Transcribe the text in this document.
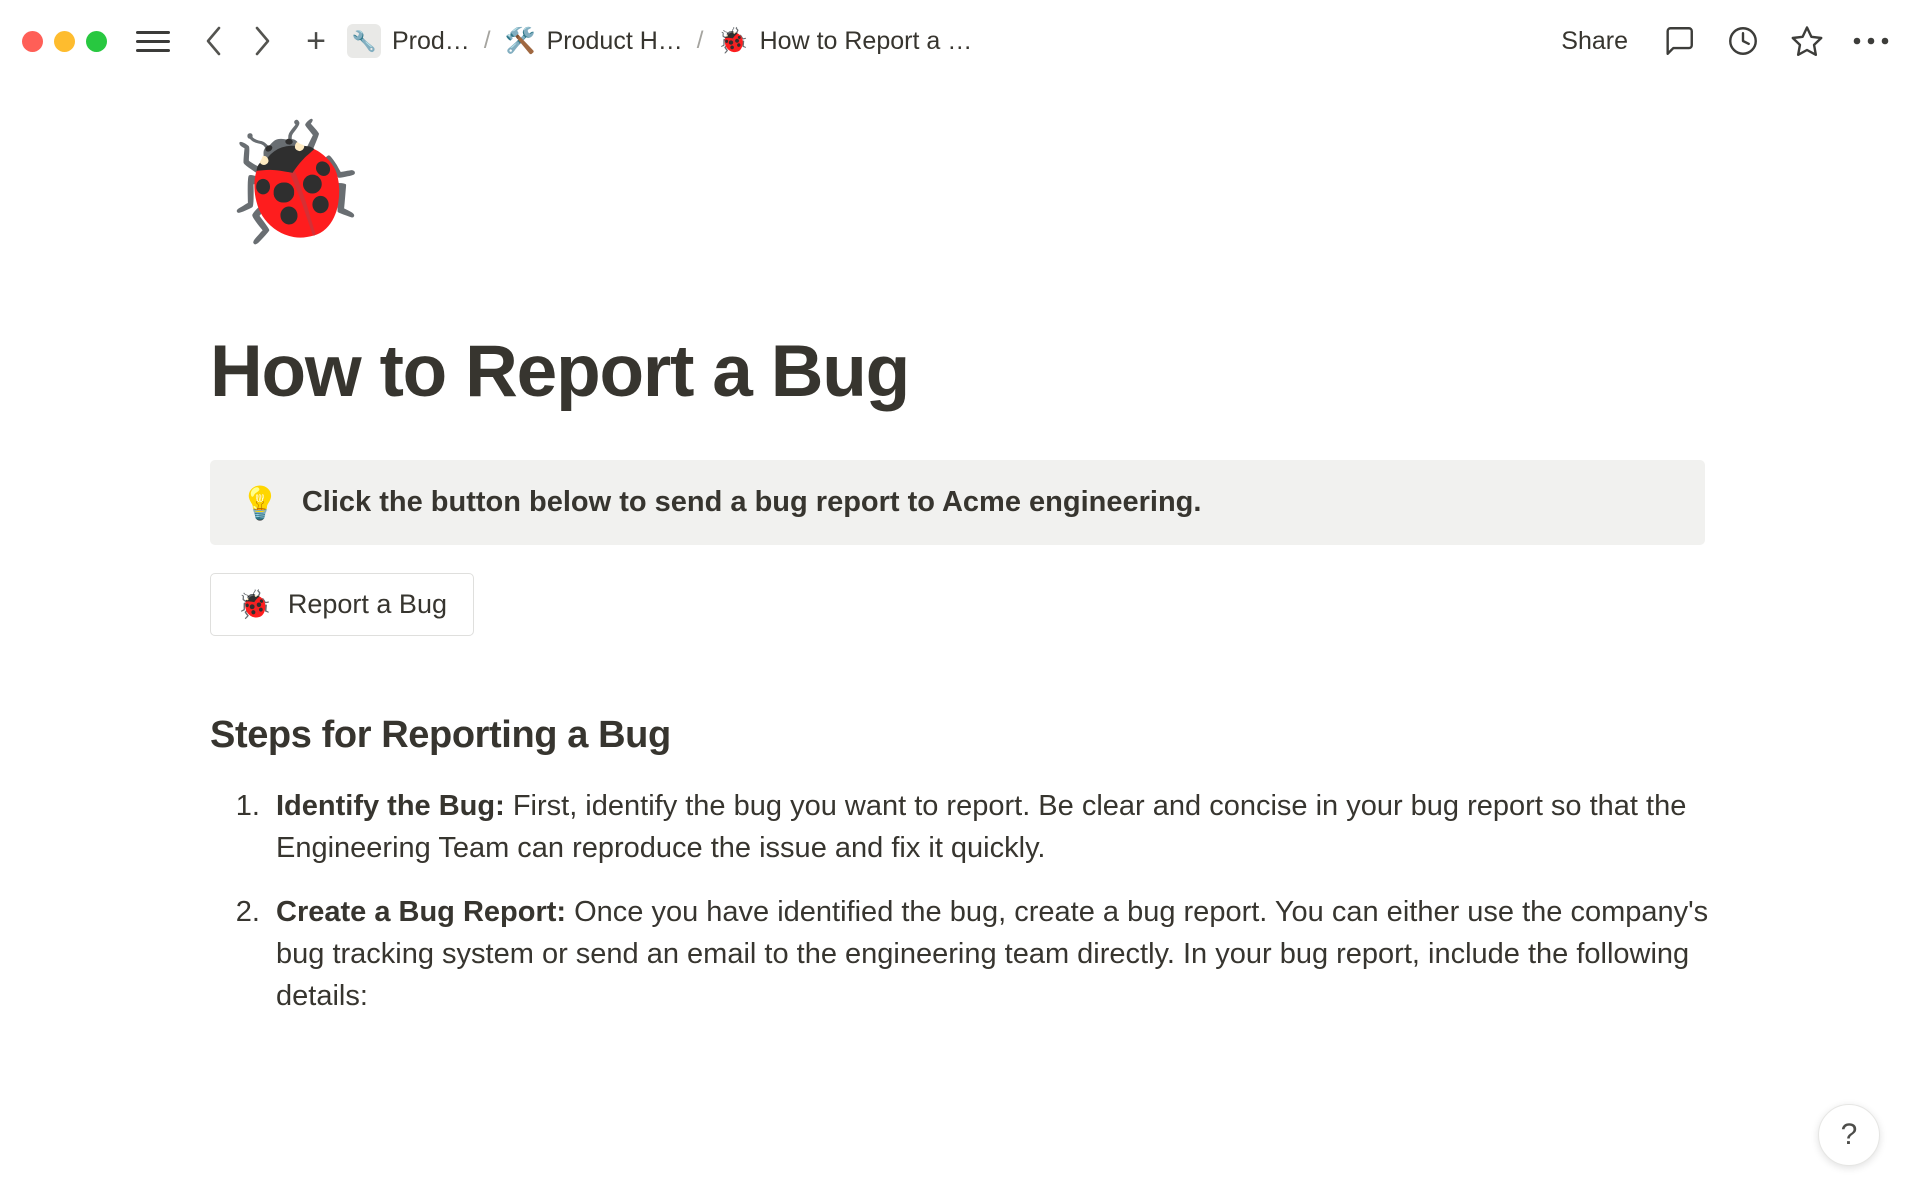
+	🔧 Prod… / 🛠️ Product H… / 🐞 How to Report a …	Share
🐞
How to Report a Bug
💡 Click the button below to send a bug report to Acme engineering.
🐞 Report a Bug
Steps for Reporting a Bug
1. Identify the Bug: First, identify the bug you want to report. Be clear and concise in your bug report so that the Engineering Team can reproduce the issue and fix it quickly.
2. Create a Bug Report: Once you have identified the bug, create a bug report. You can either use the company's bug tracking system or send an email to the engineering team directly. In your bug report, include the following details:
?
